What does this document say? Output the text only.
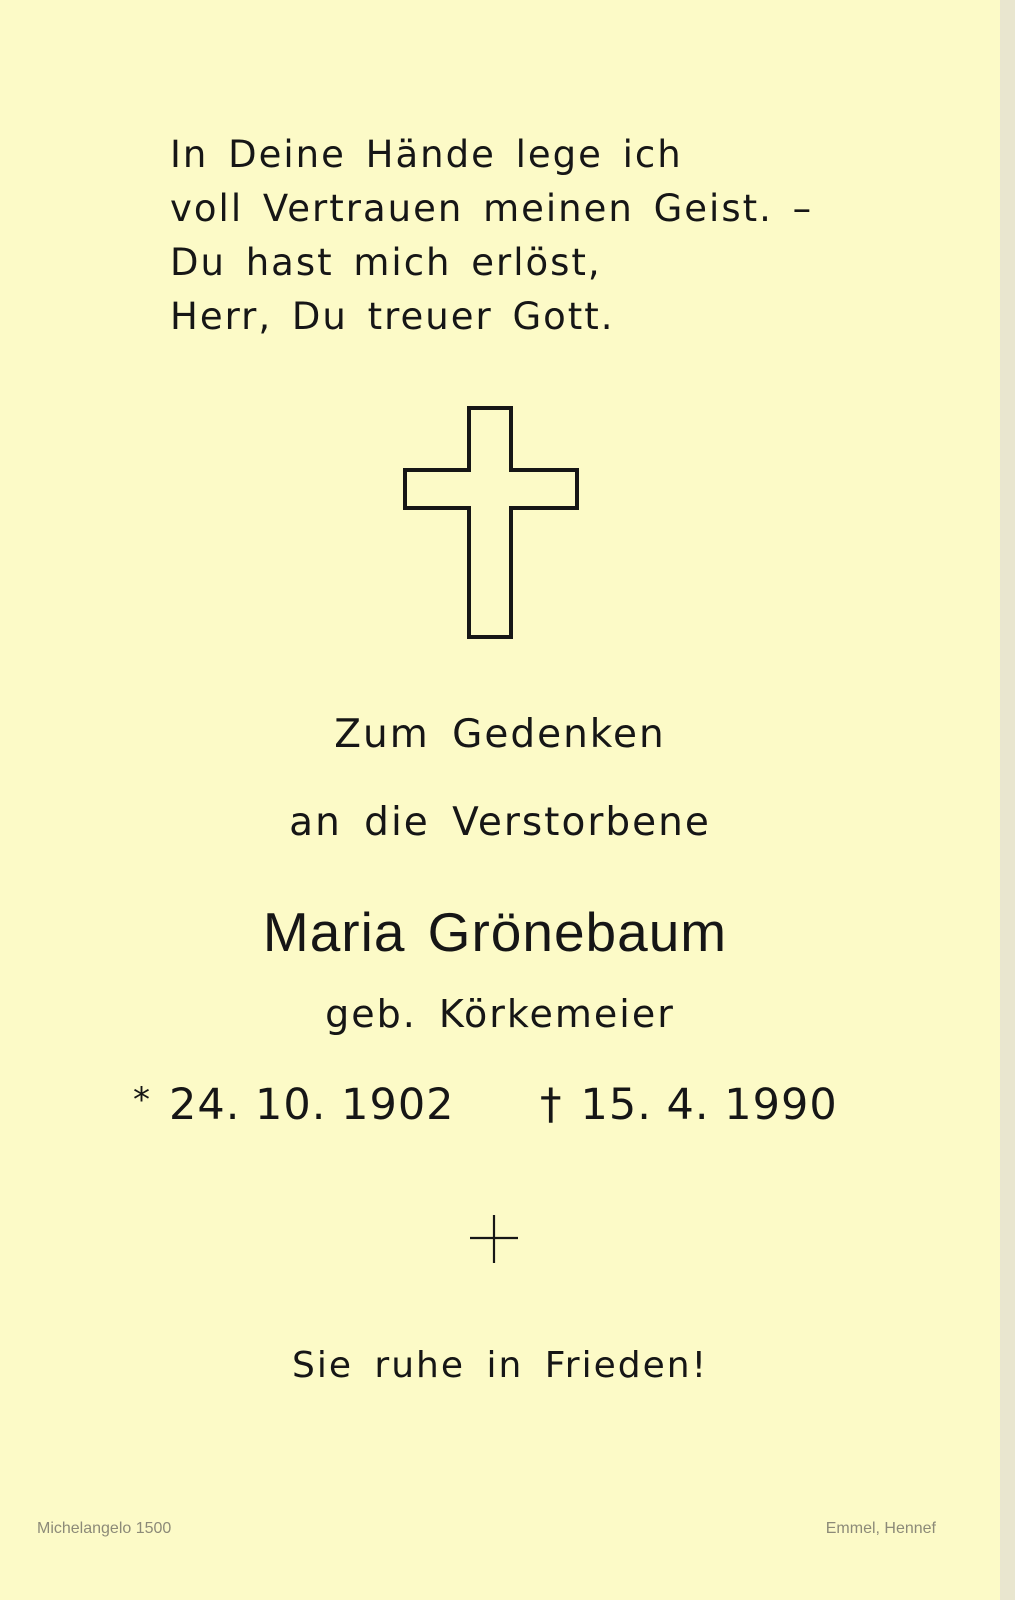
In Deine Hände lege ich
voll Vertrauen meinen Geist. –
Du hast mich erlöst,
Herr, Du treuer Gott.
Zum Gedenken
an die Verstorbene
Maria Grönebaum
geb. Körkemeier
* 24. 10. 1902 † 15. 4. 1990
Sie ruhe in Frieden!
Michelangelo 1500	Emmel, Hennef
